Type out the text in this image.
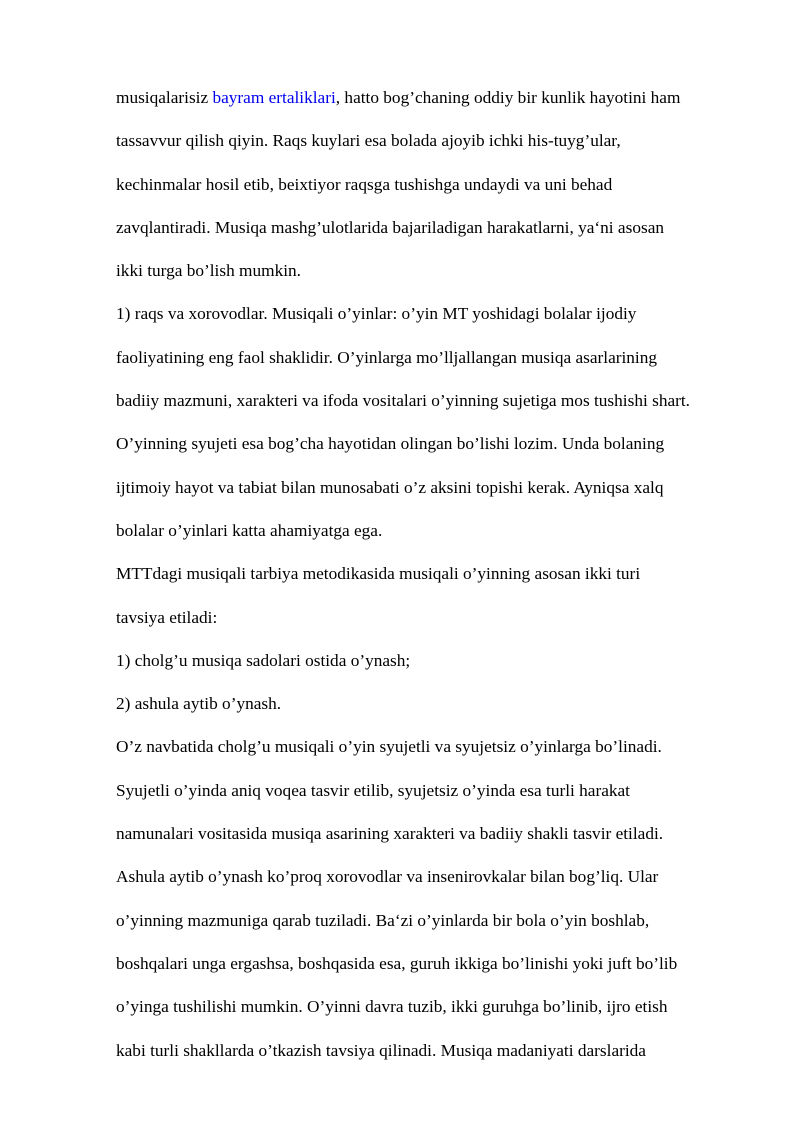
musiqalarisiz bayram ertaliklari, hatto bog’chaning oddiy bir kunlik hayotini ham
tassavvur qilish qiyin. Raqs kuylari esa bolada ajoyib ichki his-tuyg’ular,
kechinmalar hosil etib, beixtiyor raqsga tushishga undaydi va uni behad
zavqlantiradi. Musiqa mashg’ulotlarida bajariladigan harakatlarni, ya‘ni asosan
ikki turga bo’lish mumkin.
1) raqs va xorovodlar. Musiqali o’yinlar: o’yin MT yoshidagi bolalar ijodiy
faoliyatining eng faol shaklidir. O’yinlarga mo’lljallangan musiqa asarlarining
badiiy mazmuni, xarakteri va ifoda vositalari o’yinning sujetiga mos tushishi shart.
O’yinning syujeti esa bog’cha hayotidan olingan bo’lishi lozim. Unda bolaning
ijtimoiy hayot va tabiat bilan munosabati o’z aksini topishi kerak. Ayniqsa xalq
bolalar o’yinlari katta ahamiyatga ega.
MTTdagi musiqali tarbiya metodikasida musiqali o’yinning asosan ikki turi
tavsiya etiladi:
1) cholg’u musiqa sadolari ostida o’ynash;
2) ashula aytib o’ynash.
O’z navbatida cholg’u musiqali o’yin syujetli va syujetsiz o’yinlarga bo’linadi.
Syujetli o’yinda aniq voqea tasvir etilib, syujetsiz o’yinda esa turli harakat
namunalari vositasida musiqa asarining xarakteri va badiiy shakli tasvir etiladi.
Ashula aytib o’ynash ko’proq xorovodlar va insenirovkalar bilan bog’liq. Ular
o’yinning mazmuniga qarab tuziladi. Ba‘zi o’yinlarda bir bola o’yin boshlab,
boshqalari unga ergashsa, boshqasida esa, guruh ikkiga bo’linishi yoki juft bo’lib
o’yinga tushilishi mumkin. O’yinni davra tuzib, ikki guruhga bo’linib, ijro etish
kabi turli shakllarda o’tkazish tavsiya qilinadi. Musiqa madaniyati darslarida
